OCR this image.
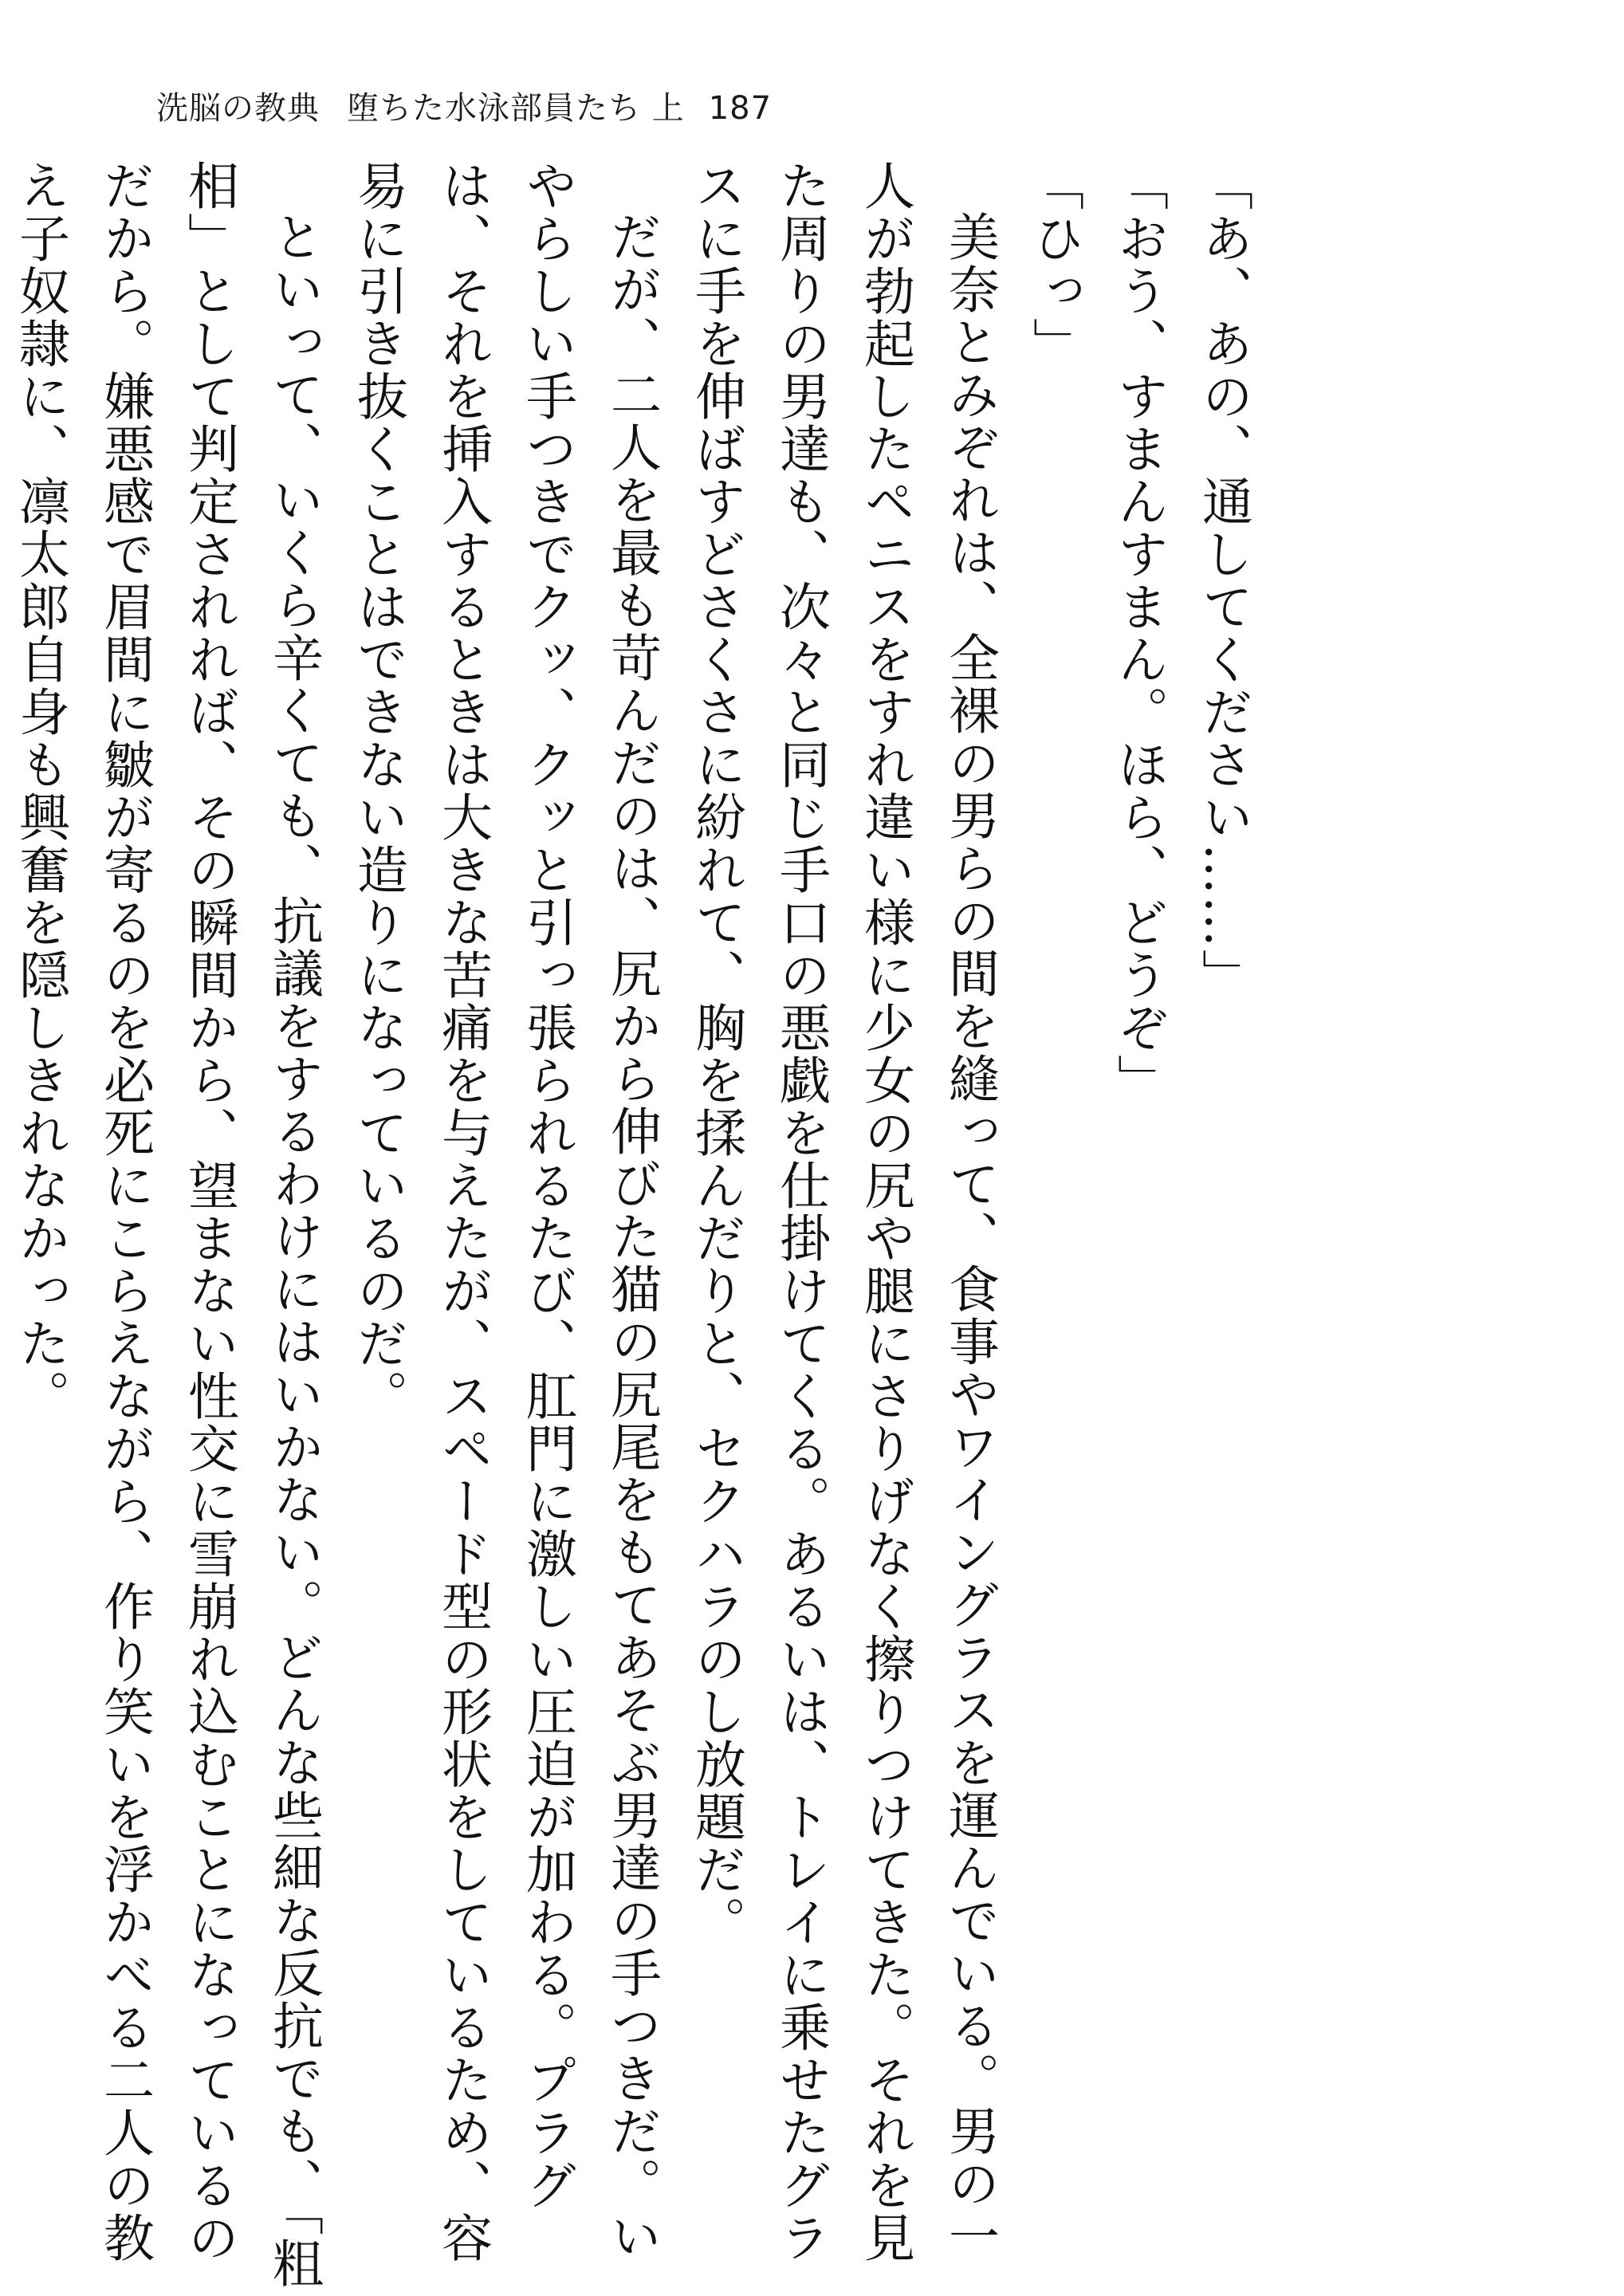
洗脳の教典 堕ちた水泳部員たち 上 187
「あ、あの、通してください……」
「おう、すまんすまん。ほら、どうぞ」
「ひっ」
美奈とみぞれは、全裸の男らの間を縫って、食事やワイングラスを運んでいる。男の一
人が勃起したペニスをすれ違い様に少女の尻や腿にさりげなく擦りつけてきた。それを見
た周りの男達も、次々と同じ手口の悪戯を仕掛けてくる。あるいは、トレイに乗せたグラ
スに手を伸ばすどさくさに紛れて、胸を揉んだりと、セクハラのし放題だ。
だが、二人を最も苛んだのは、尻から伸びた猫の尻尾をもてあそぶ男達の手つきだ。い
やらしい手つきでクッ、クッと引っ張られるたび、肛門に激しい圧迫が加わる。プラグ
は、それを挿入するときは大きな苦痛を与えたが、スペード型の形状をしているため、容
易に引き抜くことはできない造りになっているのだ。
といって、いくら辛くても、抗議をするわけにはいかない。どんな些細な反抗でも、「粗
相」として判定されれば、その瞬間から、望まない性交に雪崩れ込むことになっているの
だから。嫌悪感で眉間に皺が寄るのを必死にこらえながら、作り笑いを浮かべる二人の教
え子奴隷に、凛太郎自身も興奮を隠しきれなかった。
